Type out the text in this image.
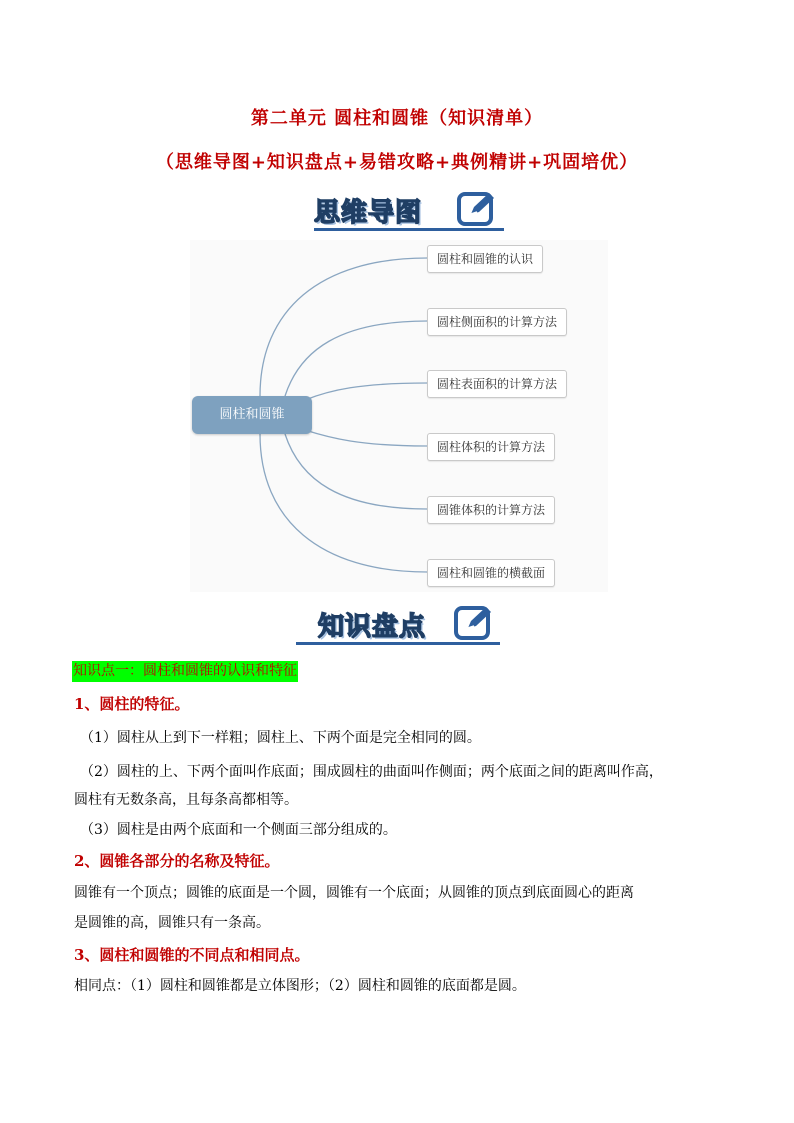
第二单元 圆柱和圆锥（知识清单）
（思维导图+知识盘点+易错攻略+典例精讲+巩固培优）
思维导图
圆柱和圆锥
圆柱和圆锥的认识
圆柱侧面积的计算方法
圆柱表面积的计算方法
圆柱体积的计算方法
圆锥体积的计算方法
圆柱和圆锥的横截面
知识盘点
知识点一：圆柱和圆锥的认识和特征
1、圆柱的特征。
（1）圆柱从上到下一样粗；圆柱上、下两个面是完全相同的圆。
（2）圆柱的上、下两个面叫作底面；围成圆柱的曲面叫作侧面；两个底面之间的距离叫作高，
圆柱有无数条高，且每条高都相等。
（3）圆柱是由两个底面和一个侧面三部分组成的。
2、圆锥各部分的名称及特征。
圆锥有一个顶点；圆锥的底面是一个圆，圆锥有一个底面；从圆锥的顶点到底面圆心的距离
是圆锥的高，圆锥只有一条高。
3、圆柱和圆锥的不同点和相同点。
相同点：（1）圆柱和圆锥都是立体图形；（2）圆柱和圆锥的底面都是圆。
